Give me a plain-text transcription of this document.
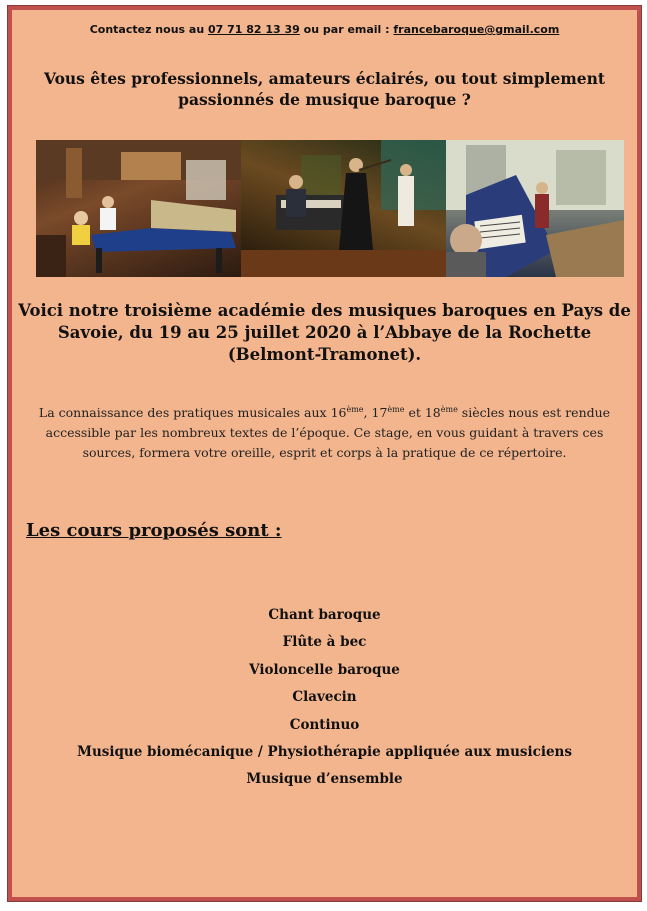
Contactez nous au 07 71 82 13 39 ou par email : francebaroque@gmail.com
Vous êtes professionnels, amateurs éclairés, ou tout simplement
passionnés de musique baroque ?
Voici notre troisième académie des musiques baroques en Pays de
Savoie, du 19 au 25 juillet 2020 à l’Abbaye de la Rochette
(Belmont-Tramonet).
La connaissance des pratiques musicales aux 16ème, 17ème et 18ème siècles nous est rendue
accessible par les nombreux textes de l’époque. Ce stage, en vous guidant à travers ces
sources, formera votre oreille, esprit et corps à la pratique de ce répertoire.
Les cours proposés sont :
Chant baroque
Flûte à bec
Violoncelle baroque
Clavecin
Continuo
Musique biomécanique / Physiothérapie appliquée aux musiciens
Musique d’ensemble
